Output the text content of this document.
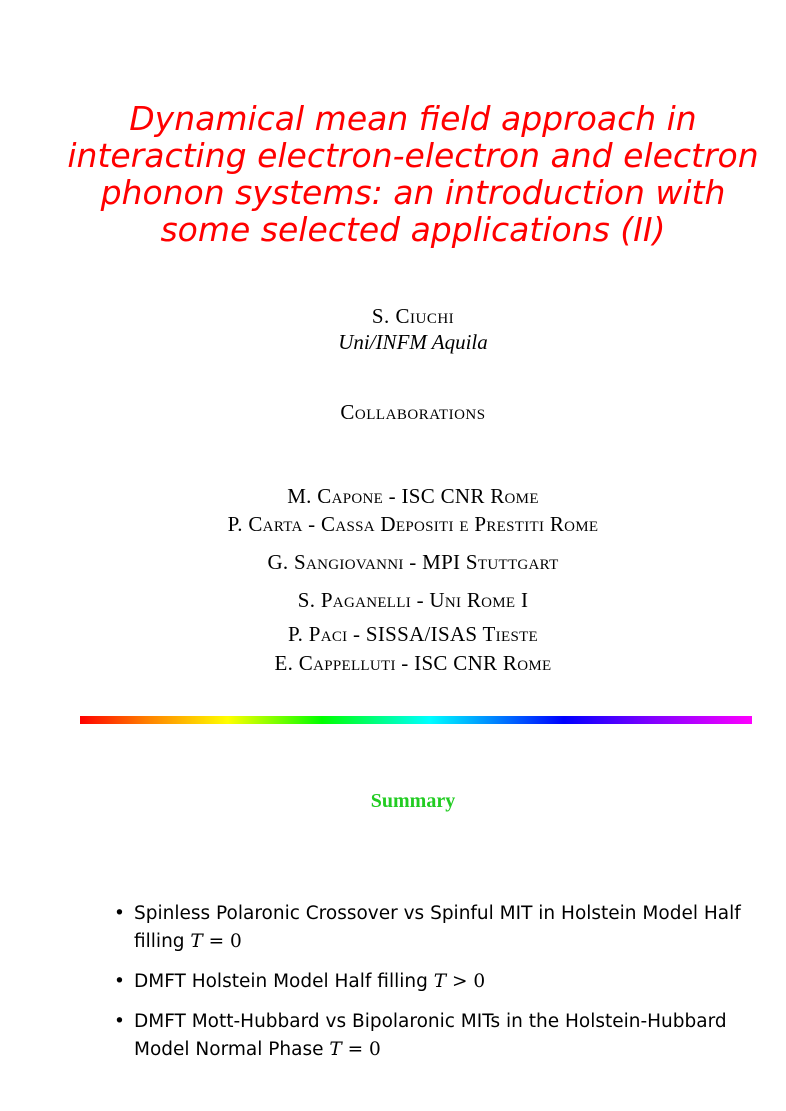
Dynamical mean field approach in
interacting electron-electron and electron
phonon systems: an introduction with
some selected applications (II)
S. Ciuchi
Uni/INFM Aquila
Collaborations
M. Capone - ISC CNR Rome
P. Carta - Cassa Depositi e Prestiti Rome
G. Sangiovanni - MPI Stuttgart
S. Paganelli - Uni Rome I
P. Paci - SISSA/ISAS Tieste
E. Cappelluti - ISC CNR Rome
Summary
• Spinless Polaronic Crossover vs Spinful MIT in Holstein Model Half filling T = 0
• DMFT Holstein Model Half filling T > 0
• DMFT Mott-Hubbard vs Bipolaronic MITs in the Holstein-Hubbard Model Normal Phase T = 0
